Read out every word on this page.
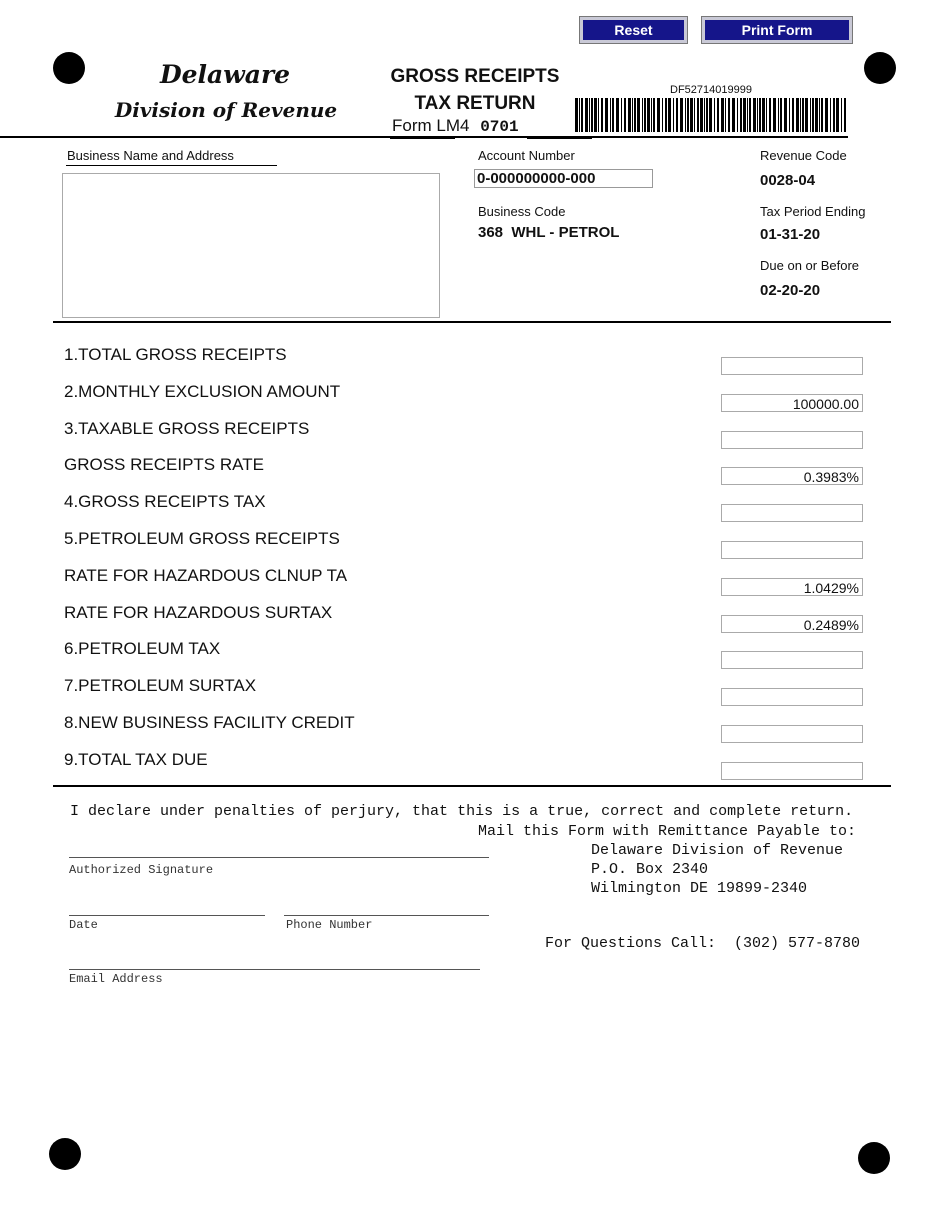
Reset	Print Form
Delaware
Division of Revenue
GROSS RECEIPTS
TAX RETURN
Form LM4 0701
DF52714019999
Business Name and Address	Account Number
0-000000000-000
Business Code
368  WHL - PETROL
Revenue Code
0028-04
Tax Period Ending
01-31-20
Due on or Before
02-20-20
1.TOTAL GROSS RECEIPTS
2.MONTHLY EXCLUSION AMOUNT
100000.00
3.TAXABLE GROSS RECEIPTS
GROSS RECEIPTS RATE
0.3983%
4.GROSS RECEIPTS TAX
5.PETROLEUM GROSS RECEIPTS
RATE FOR HAZARDOUS CLNUP TA
1.0429%
RATE FOR HAZARDOUS SURTAX
0.2489%
6.PETROLEUM TAX
7.PETROLEUM SURTAX
8.NEW BUSINESS FACILITY CREDIT
9.TOTAL TAX DUE
I declare under penalties of perjury, that this is a true, correct and complete return.
Mail this Form with Remittance Payable to:
Delaware Division of Revenue
P.O. Box 2340
Wilmington DE 19899-2340
For Questions Call:  (302) 577-8780
Authorized Signature
Date	Phone Number
Email Address
